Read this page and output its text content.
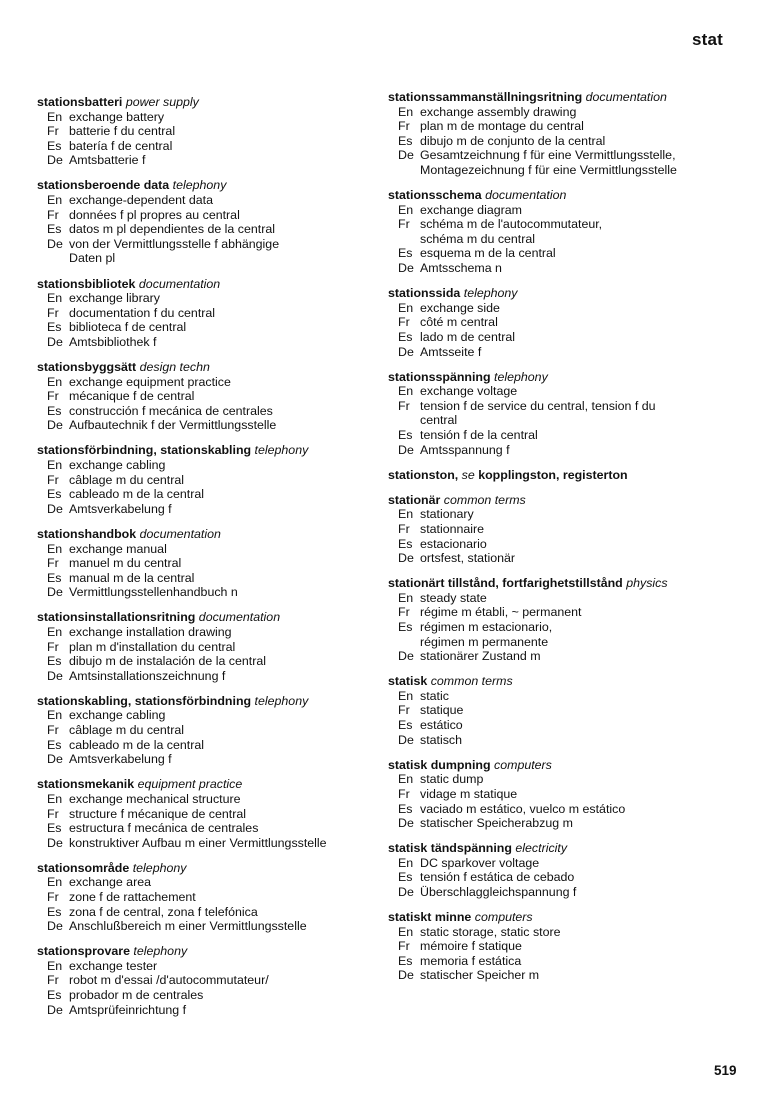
stat
stationsbatteri power supply
En exchange battery
Fr batterie f du central
Es batería f de central
De Amtsbatterie f
stationsberoende data telephony
En exchange-dependent data
Fr données f pl propres au central
Es datos m pl dependientes de la central
De von der Vermittlungsstelle f abhängige
Daten pl
stationsbibliotek documentation
En exchange library
Fr documentation f du central
Es biblioteca f de central
De Amtsbibliothek f
stationsbyggsätt design techn
En exchange equipment practice
Fr mécanique f de central
Es construcción f mecánica de centrales
De Aufbautechnik f der Vermittlungsstelle
stationsförbindning, stationskabling telephony
En exchange cabling
Fr câblage m du central
Es cableado m de la central
De Amtsverkabelung f
stationshandbok documentation
En exchange manual
Fr manuel m du central
Es manual m de la central
De Vermittlungsstellenhandbuch n
stationsinstallationsritning documentation
En exchange installation drawing
Fr plan m d'installation du central
Es dibujo m de instalación de la central
De Amtsinstallationszeichnung f
stationskabling, stationsförbindning telephony
En exchange cabling
Fr câblage m du central
Es cableado m de la central
De Amtsverkabelung f
stationsmekanik equipment practice
En exchange mechanical structure
Fr structure f mécanique de central
Es estructura f mecánica de centrales
De konstruktiver Aufbau m einer Vermittlungsstelle
stationsområde telephony
En exchange area
Fr zone f de rattachement
Es zona f de central, zona f telefónica
De Anschlußbereich m einer Vermittlungsstelle
stationsprovare telephony
En exchange tester
Fr robot m d'essai /d'autocommutateur/
Es probador m de centrales
De Amtsprüfeinrichtung f
stationssammanställningsritning documentation
En exchange assembly drawing
Fr plan m de montage du central
Es dibujo m de conjunto de la central
De Gesamtzeichnung f für eine Vermittlungsstelle,
Montagezeichnung f für eine Vermittlungsstelle
stationsschema documentation
En exchange diagram
Fr schéma m de l'autocommutateur,
schéma m du central
Es esquema m de la central
De Amtsschema n
stationssida telephony
En exchange side
Fr côté m central
Es lado m de central
De Amtsseite f
stationsspänning telephony
En exchange voltage
Fr tension f de service du central, tension f du
central
Es tensión f de la central
De Amtsspannung f
stationston, se kopplingston, registerton
stationär common terms
En stationary
Fr stationnaire
Es estacionario
De ortsfest, stationär
stationärt tillstånd, fortfarighetstillstånd physics
En steady state
Fr régime m établi, ~ permanent
Es régimen m estacionario,
régimen m permanente
De stationärer Zustand m
statisk common terms
En static
Fr statique
Es estático
De statisch
statisk dumpning computers
En static dump
Fr vidage m statique
Es vaciado m estático, vuelco m estático
De statischer Speicherabzug m
statisk tändspänning electricity
En DC sparkover voltage
Es tensión f estática de cebado
De Überschlaggleichspannung f
statiskt minne computers
En static storage, static store
Fr mémoire f statique
Es memoria f estática
De statischer Speicher m
519
